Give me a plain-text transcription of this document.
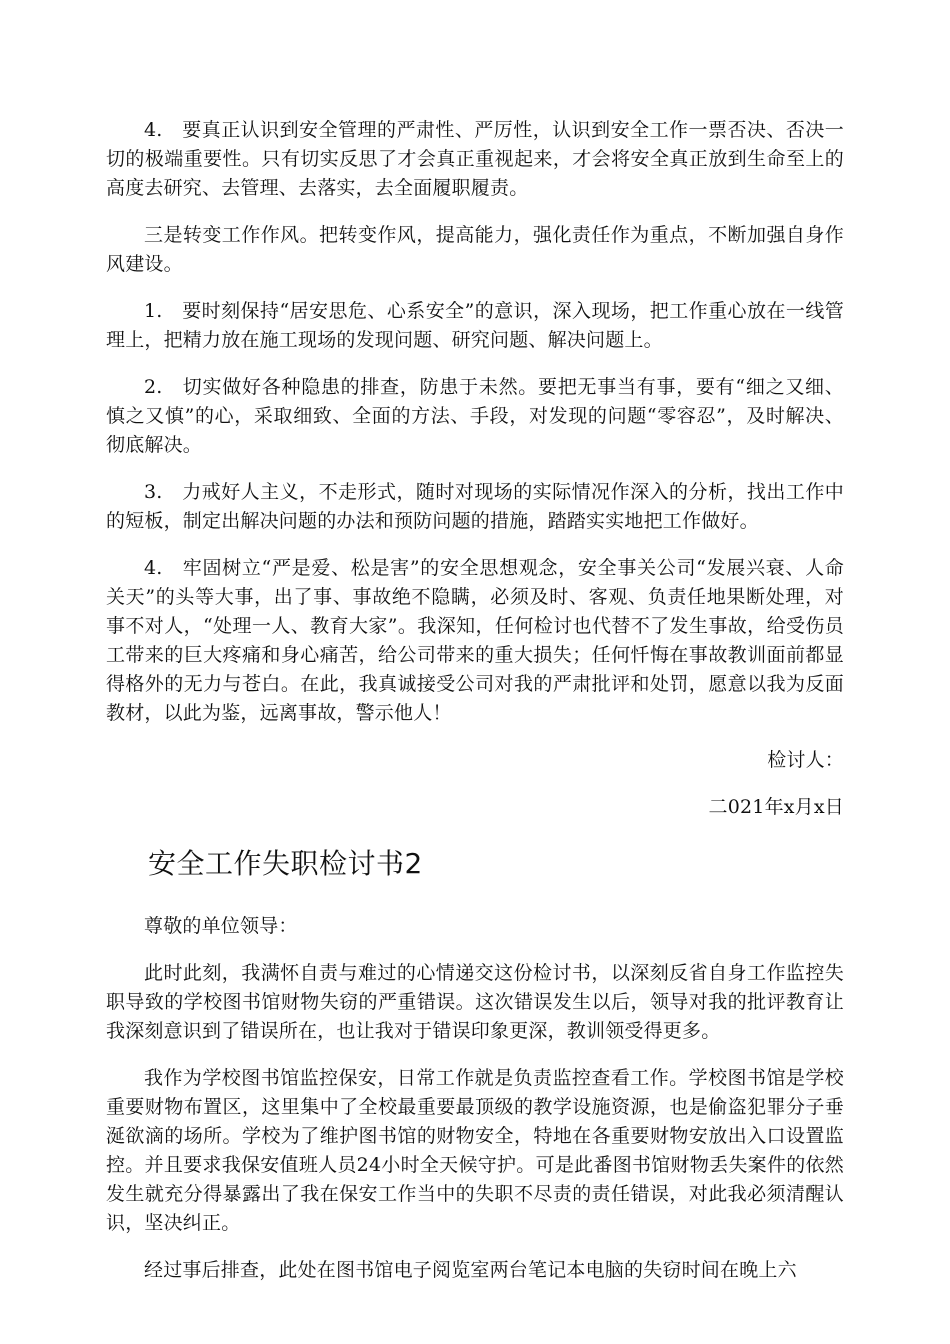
4.　要真正认识到安全管理的严肃性、严厉性，认识到安全工作一票否决、否决一切的极端重要性。只有切实反思了才会真正重视起来，才会将安全真正放到生命至上的高度去研究、去管理、去落实，去全面履职履责。

三是转变工作作风。把转变作风，提高能力，强化责任作为重点，不断加强自身作风建设。

1.　要时刻保持“居安思危、心系安全”的意识，深入现场，把工作重心放在一线管理上，把精力放在施工现场的发现问题、研究问题、解决问题上。

2.　切实做好各种隐患的排查，防患于未然。要把无事当有事，要有“细之又细、慎之又慎”的心，采取细致、全面的方法、手段，对发现的问题“零容忍”，及时解决、彻底解决。

3.　力戒好人主义，不走形式，随时对现场的实际情况作深入的分析，找出工作中的短板，制定出解决问题的办法和预防问题的措施，踏踏实实地把工作做好。

4.　牢固树立“严是爱、松是害”的安全思想观念，安全事关公司“发展兴衰、人命关天”的头等大事，出了事、事故绝不隐瞒，必须及时、客观、负责任地果断处理，对事不对人，“处理一人、教育大家”。我深知，任何检讨也代替不了发生事故，给受伤员工带来的巨大疼痛和身心痛苦，给公司带来的重大损失；任何忏悔在事故教训面前都显得格外的无力与苍白。在此，我真诚接受公司对我的严肃批评和处罚，愿意以我为反面教材，以此为鉴，远离事故，警示他人！

检讨人：

二021年x月x日

安全工作失职检讨书2

尊敬的单位领导：

此时此刻，我满怀自责与难过的心情递交这份检讨书，以深刻反省自身工作监控失职导致的学校图书馆财物失窃的严重错误。这次错误发生以后，领导对我的批评教育让我深刻意识到了错误所在，也让我对于错误印象更深，教训领受得更多。

我作为学校图书馆监控保安，日常工作就是负责监控查看工作。学校图书馆是学校重要财物布置区，这里集中了全校最重要最顶级的教学设施资源，也是偷盗犯罪分子垂涎欲滴的场所。学校为了维护图书馆的财物安全，特地在各重要财物安放出入口设置监控。并且要求我保安值班人员24小时全天候守护。可是此番图书馆财物丢失案件的依然发生就充分得暴露出了我在保安工作当中的失职不尽责的责任错误，对此我必须清醒认识，坚决纠正。

经过事后排查，此处在图书馆电子阅览室两台笔记本电脑的失窃时间在晚上六
